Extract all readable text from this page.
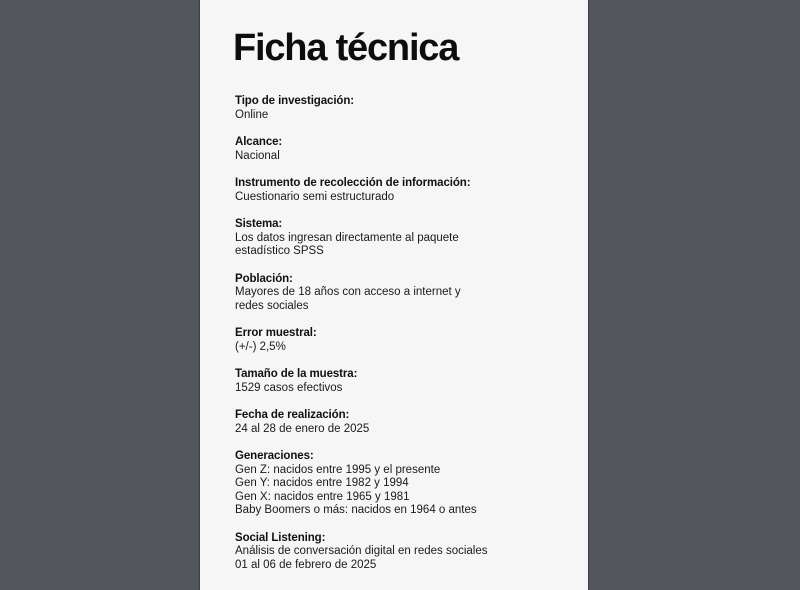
Ficha técnica
Tipo de investigación:
Online
Alcance:
Nacional
Instrumento de recolección de información:
Cuestionario semi estructurado
Sistema:
Los datos ingresan directamente al paquete
estadístico SPSS
Población:
Mayores de 18 años con acceso a internet y
redes sociales
Error muestral:
(+/-) 2,5%
Tamaño de la muestra:
1529 casos efectivos
Fecha de realización:
24 al 28 de enero de 2025
Generaciones:
Gen Z: nacidos entre 1995 y el presente
Gen Y: nacidos entre 1982 y 1994
Gen X: nacidos entre 1965 y 1981
Baby Boomers o más: nacidos en 1964 o antes
Social Listening:
Análisis de conversación digital en redes sociales
01 al 06 de febrero de 2025
